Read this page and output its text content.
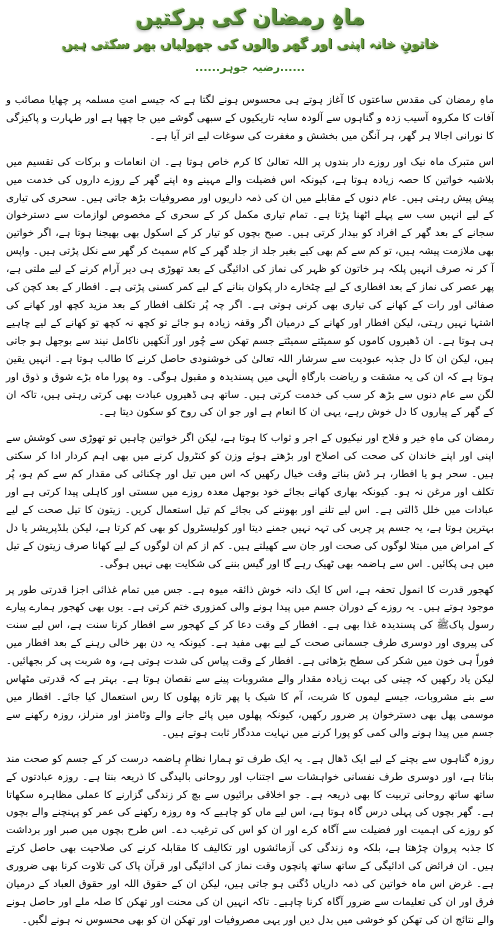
ماہِ رمضان کی برکتیں
خاتونِ خانہ اپنی اور گھر والوں کی جھولیاں بھر سکتی ہیں
......رضیہ جوہر......

ماہِ رمضان کی مقدس ساعتوں کا آغاز ہوتے ہی محسوس ہونے لگتا ہے کہ جیسے امتِ مسلمہ پر چھایا مصائب و آفات کا مکروہ آسیب زدہ و گناہوں سے آلودہ سایہ تاریکیوں کے سبھی گوشے میں جا چھپا ہے اور طہارت و پاکیزگی کا نورانی اجالا ہر گھر، ہر آنگن میں بخشش و مغفرت کی سوغات لیے اتر آیا ہے۔

اس متبرک ماہ نیک اور روزے دار بندوں پر اللہ تعالیٰ کا کرم خاص ہوتا ہے۔ ان انعامات و برکات کی تقسیم میں بلاشبہ خواتین کا حصہ زیادہ ہوتا ہے، کیونکہ اس فضیلت والے مہینے وہ اپنے گھر کے روزے داروں کی خدمت میں پیش پیش رہتی ہیں۔ عام دنوں کے مقابلے میں ان کی ذمہ داریوں اور مصروفیات بڑھ جاتی ہیں۔ سحری کی تیاری کے لیے انہیں سب سے پہلے اٹھنا پڑتا ہے۔ تمام تیاری مکمل کر کے سحری کے مخصوص لوازمات سے دسترخوان سجانے کے بعد گھر کے افراد کو بیدار کرتی ہیں۔ صبح بچوں کو تیار کر کے اسکول بھی بھیجنا ہوتا ہے، اگر خواتین بھی ملازمت پیشہ ہیں، تو کم سے کم بھی کیے بغیر جلد از جلد گھر کے کام سمیٹ کر گھر سے نکل پڑتی ہیں۔ واپس آ کر نہ صرف انہیں پلکہ ہر خاتون کو ظہر کی نماز کی ادائیگی کے بعد تھوڑی ہی دیر آرام کرنے کے لیے ملتی ہے، پھر عصر کی نماز کے بعد افطاری کے لیے چٹخارے دار پکوان بنانے کے لیے کمر کسنی پڑتی ہے۔ افطار کے بعد کچن کی صفائی اور رات کے کھانے کی تیاری بھی کرنی ہوتی ہے۔ اگر چہ پُر تکلف افطار کے بعد مزید کچھ اور کھانے کی اشتہا نہیں رہتی، لیکن افطار اور کھانے کے درمیان اگر وقفہ زیادہ ہو جائے تو کچھ نہ کچھ تو کھانے کے لیے چاہیے ہی ہوتا ہے۔ ان ڈھیروں کاموں کو سمیٹتے سمیٹتے جسم تھکن سے چُور اور آنکھیں ناکامل نیند سے بوجھل ہو جاتی ہیں، لیکن ان کا دل جذبہ عبودیت سے سرشار اللہ تعالیٰ کی خوشنودی حاصل کرنے کا طالب ہوتا ہے۔ انہیں یقین ہوتا ہے کہ ان کی یہ مشقت و ریاضت بارگاہِ الٰہی میں پسندیدہ و مقبول ہوگی۔ وہ پورا ماہ بڑے شوق و ذوق اور لگن سے عام دنوں سے بڑھ کر سب کی خدمت کرتی ہیں۔ ساتھ ہی ڈھیروں عبادت بھی کرتی رہتی ہیں، تاکہ ان کے گھر کے پیاروں کا دل خوش رہے، یہی ان کا انعام ہے اور جو ان کی روح کو سکون دیتا ہے۔

رمضان کی ماہِ خیر و فلاح اور نیکیوں کے اجر و ثواب کا ہوتا ہے، لیکن اگر خواتین چاہیں تو تھوڑی سی کوشش سے اپنی اور اپنے خاندان کی صحت کی اصلاح اور بڑھتے ہوئے وزن کو کنٹرول کرنے میں بھی اہم کردار ادا کر سکتی ہیں۔ سحر ہو یا افطار، ہر ڈش بناتے وقت خیال رکھیں کہ اس میں تیل اور چکنائی کی مقدار کم سے کم ہو، پُر تکلف اور مرغن نہ ہو۔ کیونکہ بھاری کھانے بجائے خود بوجھل معدہ روزے میں سستی اور کاہلی پیدا کرتی ہے اور عبادات میں خلل ڈالتی ہے۔ اس لیے تلنے اور بھوننے کی بجائے کم تیل استعمال کریں۔ زیتون کا تیل صحت کے لیے بہترین ہوتا ہے، یہ جسم پر چربی کی تہہ نہیں جمنے دیتا اور کولیسٹرول کو بھی کم کرتا ہے، لیکن بلڈپریشر یا دل کے امراض میں مبتلا لوگوں کی صحت اور جان سے کھیلتے ہیں۔ کم از کم ان لوگوں کے لیے کھانا صرف زیتون کے تیل میں ہی پکائیں۔ اس سے ہاضمہ بھی ٹھیک رہے گا اور گیس بننے کی شکایت بھی نہیں ہوگی۔

کھجور قدرت کا انمول تحفہ ہے، اس کا ایک دانہ خوش ذائقہ میوہ ہے۔ جس میں تمام غذائی اجزا قدرتی طور پر موجود ہوتے ہیں۔ یہ روزے کے دوران جسم میں پیدا ہونے والی کمزوری ختم کرتی ہے۔ یوں بھی کھجور ہمارے پیارے رسول پاکﷺ کی پسندیدہ غذا بھی ہے۔ افطار کے وقت دعا کر کے کھجور سے افطار کرنا سنت ہے، اس لیے سنت کی پیروی اور دوسری طرف جسمانی صحت کے لیے بھی مفید ہے۔ کیونکہ یہ دن بھر خالی رہنے کے بعد افطار میں فوراً ہی خون میں شکر کی سطح بڑھاتی ہے۔ افطار کے وقت پیاس کی شدت ہوتی ہے، وہ شربت پی کر بجھائیں۔ لیکن یاد رکھیں کہ چینی کی بہت زیادہ مقدار والے مشروبات پینے سے نقصان ہوتا ہے۔ بہتر ہے کہ قدرتی مٹھاس سے بنے مشروبات، جیسے لیموں کا شربت، آم کا شیک یا پھر تازہ پھلوں کا رس استعمال کیا جائے۔ افطار میں موسمی پھل بھی دسترخوان پر ضرور رکھیں، کیونکہ پھلوں میں پائے جانے والے وٹامنز اور منرلز، روزہ رکھنے سے جسم میں پیدا ہونے والی کمی کو پورا کرنے میں نہایت مددگار ثابت ہوتے ہیں۔

روزہ گناہوں سے بچنے کے لیے ایک ڈھال ہے۔ یہ ایک طرف تو ہمارا نظامِ ہاضمہ درست کر کے جسم کو صحت مند بناتا ہے، اور دوسری طرف نفسانی خواہشات سے اجتناب اور روحانی بالیدگی کا ذریعہ بنتا ہے۔ روزہ عبادتوں کے ساتھ ساتھ روحانی تربیت کا بھی ذریعہ ہے۔ جو اخلاقی برائیوں سے بچ کر زندگی گزارنے کا عملی مظاہرہ سکھاتا ہے۔ گھر بچوں کی پہلی درس گاہ ہوتا ہے، اس لیے ماں کو چاہیے کہ وہ روزہ رکھنے کی عمر کو پہنچنے والے بچوں کو روزے کی اہمیت اور فضیلت سے آگاہ کرے اور ان کو اس کی ترغیب دے۔ اس طرح بچوں میں صبر اور برداشت کا جذبہ پروان چڑھتا ہے، بلکہ وہ زندگی کی آزمائشوں اور تکالیف کا مقابلہ کرنے کی صلاحیت بھی حاصل کرتے ہیں۔ ان فرائض کی ادائیگی کے ساتھ ساتھ پانچوں وقت نماز کی ادائیگی اور قرآن پاک کی تلاوت کرنا بھی ضروری ہے۔ غرض اس ماہ خواتین کی ذمہ داریاں دُگنی ہو جاتی ہیں، لیکن ان کے حقوق اللہ اور حقوق العباد کے درمیان فرق اور ان کی تعلیمات سے ضرور آگاہ کرنا چاہیے۔ تاکہ انہیں ان کی محنت اور تھکن کا صلہ ملے اور حاصل ہونے والے نتائج ان کی تھکن کو خوشی میں بدل دیں اور یہی مصروفیات اور تھکن ان کو بھی محسوس نہ ہونے لگیں۔
